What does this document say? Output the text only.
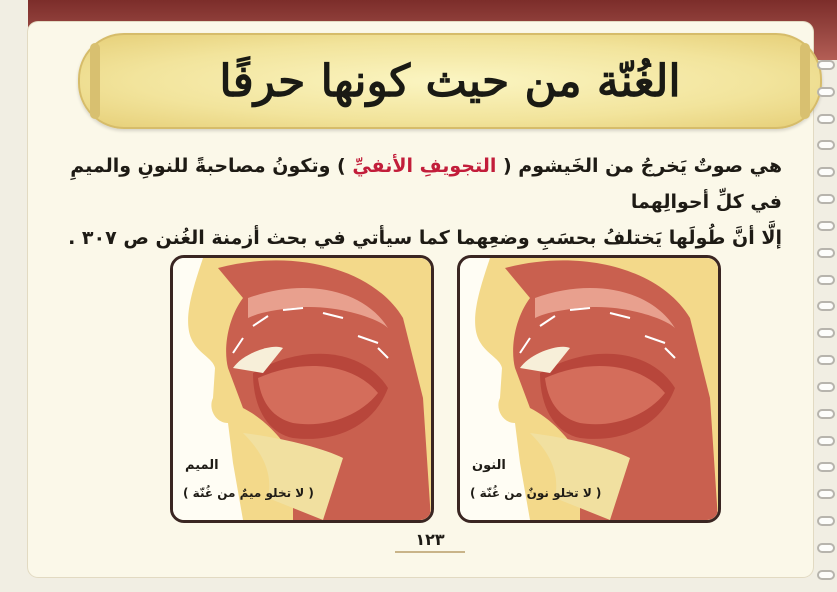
الغُنّة من حيث كونها حرفًا
هي صوتٌ يَخرجُ من الخَيشوم ( التجويفِ الأنفيِّ ) وتكونُ مصاحبةً للنونِ والميمِ في كلِّ أحوالِهما
إلَّا أنَّ طُولَها يَختلفُ بحسَبِ وضعِهما كما سيأتي في بحث أزمنة الغُنن ص ٣٠٧ .
النون
( لا تخلو نونٌ من غُنّة )
الميم
( لا تخلو ميمٌ من غُنّة )
١٢٣
